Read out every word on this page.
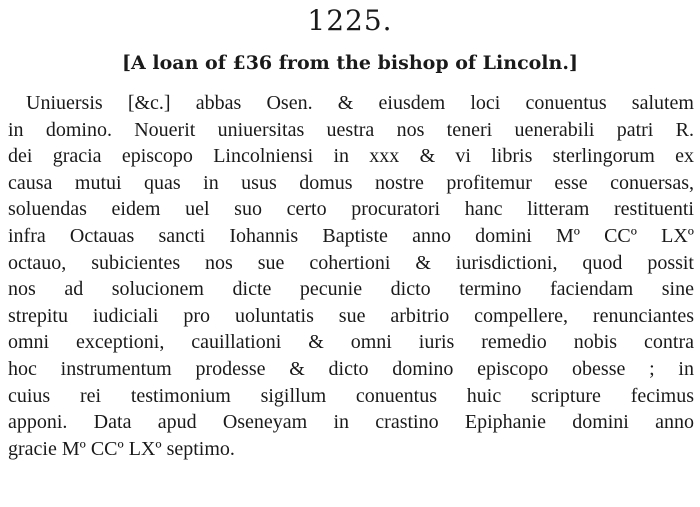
1225.
[A loan of £36 from the bishop of Lincoln.]
Uniuersis [&c.] abbas Osen. & eiusdem loci conuentus salutem
in domino. Nouerit uniuersitas uestra nos teneri uenerabili patri R.
dei gracia episcopo Lincolniensi in xxx & vi libris sterlingorum ex
causa mutui quas in usus domus nostre profitemur esse conuersas,
soluendas eidem uel suo certo procuratori hanc litteram restituenti
infra Octauas sancti Iohannis Baptiste anno domini Mº CCº LXº
octauo, subicientes nos sue cohertioni & iurisdictioni, quod possit
nos ad solucionem dicte pecunie dicto termino faciendam sine
strepitu iudiciali pro uoluntatis sue arbitrio compellere, renunciantes
omni exceptioni, cauillationi & omni iuris remedio nobis contra
hoc instrumentum prodesse & dicto domino episcopo obesse ; in
cuius rei testimonium sigillum conuentus huic scripture fecimus
apponi. Data apud Oseneyam in crastino Epiphanie domini anno
gracie Mº CCº LXº septimo.
